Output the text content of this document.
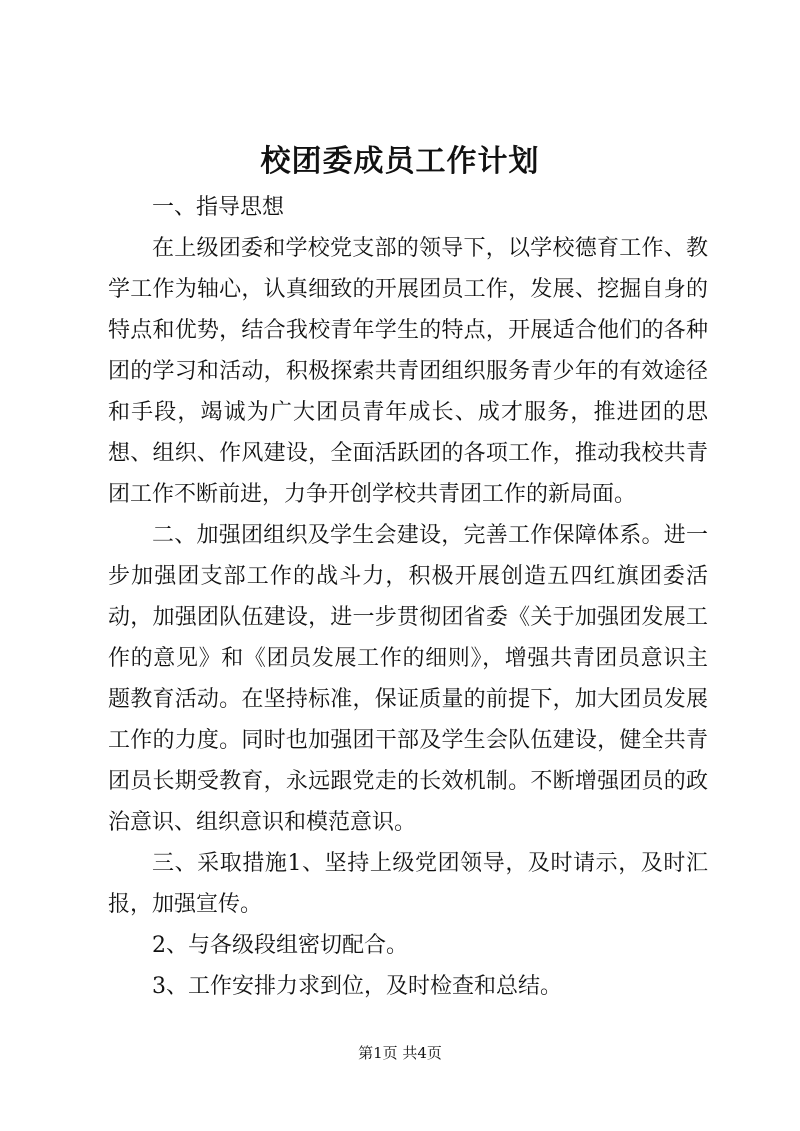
校团委成员工作计划

一、指导思想

在上级团委和学校党支部的领导下，以学校德育工作、教学工作为轴心，认真细致的开展团员工作，发展、挖掘自身的特点和优势，结合我校青年学生的特点，开展适合他们的各种团的学习和活动，积极探索共青团组织服务青少年的有效途径和手段，竭诚为广大团员青年成长、成才服务，推进团的思想、组织、作风建设，全面活跃团的各项工作，推动我校共青团工作不断前进，力争开创学校共青团工作的新局面。

二、加强团组织及学生会建设，完善工作保障体系。进一步加强团支部工作的战斗力，积极开展创造五四红旗团委活动，加强团队伍建设，进一步贯彻团省委《关于加强团发展工作的意见》和《团员发展工作的细则》，增强共青团员意识主题教育活动。在坚持标准，保证质量的前提下，加大团员发展工作的力度。同时也加强团干部及学生会队伍建设，健全共青团员长期受教育，永远跟党走的长效机制。不断增强团员的政治意识、组织意识和模范意识。

三、采取措施1、坚持上级党团领导，及时请示，及时汇报，加强宣传。

2、与各级段组密切配合。

3、工作安排力求到位，及时检查和总结。

第1页 共4页
